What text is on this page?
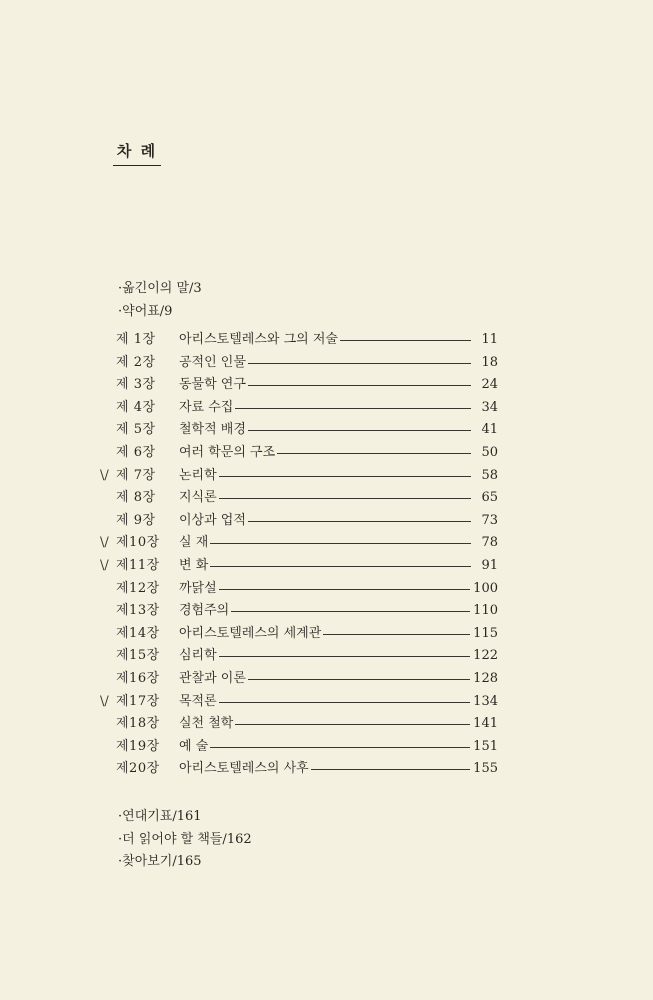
차 례
·옮긴이의 말/3
·약어표/9
제 1장	아리스토텔레스와 그의 저술	11
제 2장	공적인 인물	18
제 3장	동물학 연구	24
제 4장	자료 수집	34
제 5장	철학적 배경	41
제 6장	여러 학문의 구조	50
\/ 제 7장	논리학	58
제 8장	지식론	65
제 9장	이상과 업적	73
\/ 제10장	실 재	78
\/ 제11장	변 화	91
제12장	까닭설	100
제13장	경험주의	110
제14장	아리스토텔레스의 세계관	115
제15장	심리학	122
제16장	관찰과 이론	128
\/ 제17장	목적론	134
제18장	실천 철학	141
제19장	예 술	151
제20장	아리스토텔레스의 사후	155
·연대기표/161
·더 읽어야 할 책들/162
·찾아보기/165
